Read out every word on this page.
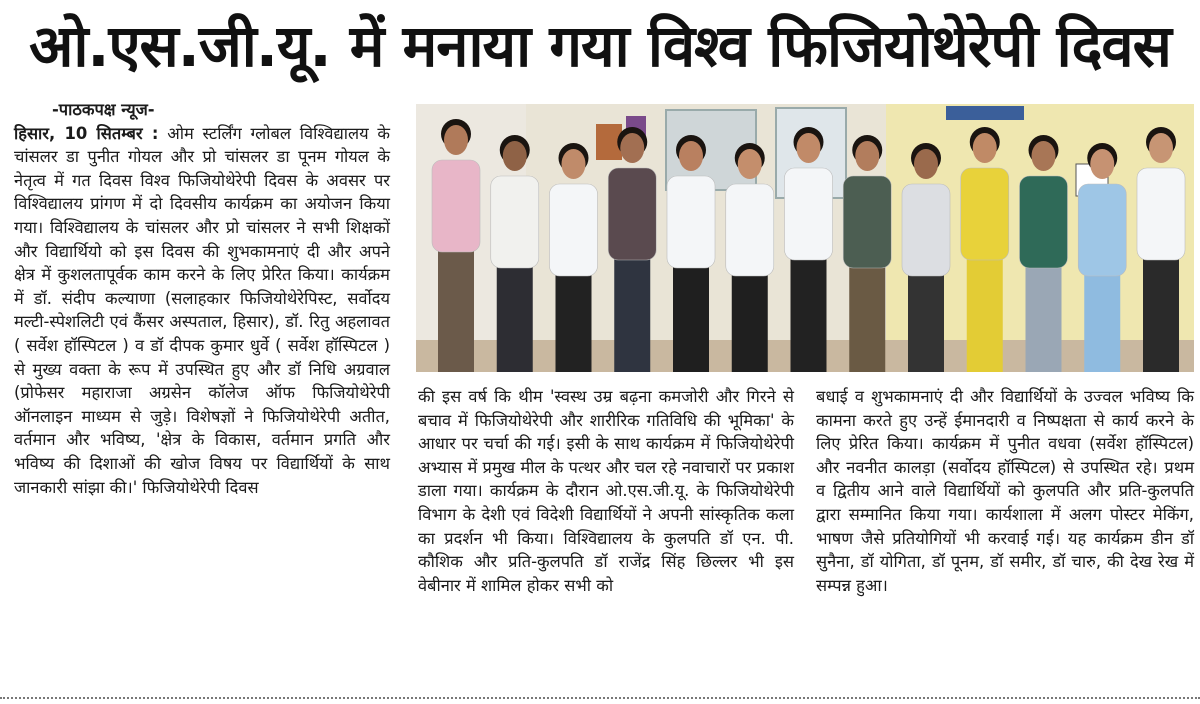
ओ.एस.जी.यू. में मनाया गया विश्व फिजियोथेरेपी दिवस
-पाठकपक्ष न्यूज-
हिसार, 10 सितम्बर : ओम स्टर्लिंग ग्लोबल विश्विद्यालय के चांसलर डा पुनीत गोयल और प्रो चांसलर डा पूनम गोयल के नेतृत्व में गत दिवस विश्व फिजियोथेरेपी दिवस के अवसर पर विश्विद्यालय प्रांगण में दो दिवसीय कार्यक्रम का अयोजन किया गया। विश्विद्यालय के चांसलर और प्रो चांसलर ने सभी शिक्षकों और विद्यार्थियो को इस दिवस की शुभकामनाएं दी और अपने क्षेत्र में कुशलतापूर्वक काम करने के लिए प्रेरित किया। कार्यक्रम में डॉ. संदीप कल्याणा (सलाहकार फिजियोथेरेपिस्ट, सर्वोदय मल्टी-स्पेशलिटी एवं कैंसर अस्पताल, हिसार), डॉ. रितु अहलावत ( सर्वेश हॉस्पिटल ) व डॉ दीपक कुमार धुर्वे ( सर्वेश हॉस्पिटल ) से मुख्य वक्ता के रूप में उपस्थित हुए और डॉ निधि अग्रवाल (प्रोफेसर महाराजा अग्रसेन कॉलेज ऑफ फिजियोथेरेपी ऑनलाइन माध्यम से जुड़े। विशेषज्ञों ने फिजियोथेरेपी अतीत, वर्तमान और भविष्य, 'क्षेत्र के विकास, वर्तमान प्रगति और भविष्य की दिशाओं की खोज विषय पर विद्यार्थियों के साथ जानकारी सांझा की।' फिजियोथेरेपी दिवस
की इस वर्ष कि थीम 'स्वस्थ उम्र बढ़ना कमजोरी और गिरने से बचाव में फिजियोथेरेपी और शारीरिक गतिविधि की भूमिका' के आधार पर चर्चा की गई। इसी के साथ कार्यक्रम में फिजियोथेरेपी अभ्यास में प्रमुख मील के पत्थर और चल रहे नवाचारों पर प्रकाश डाला गया। कार्यक्रम के दौरान ओ.एस.जी.यू. के फिजियोथेरेपी विभाग के देशी एवं विदेशी विद्यार्थियों ने अपनी सांस्कृतिक कला का प्रदर्शन भी किया। विश्विद्यालय के कुलपति डॉ एन. पी. कौशिक और प्रति-कुलपति डॉ राजेंद्र सिंह छिल्लर भी इस वेबीनार में शामिल होकर सभी को
बधाई व शुभकामनाएं दी और विद्यार्थियों के उज्वल भविष्य कि कामना करते हुए उन्हें ईमानदारी व निष्पक्षता से कार्य करने के लिए प्रेरित किया। कार्यक्रम में पुनीत वधवा (सर्वेश हॉस्पिटल) और नवनीत कालड़ा (सर्वोदय हॉस्पिटल) से उपस्थित रहे। प्रथम व द्वितीय आने वाले विद्यार्थियों को कुलपति और प्रति-कुलपति द्वारा सम्मानित किया गया। कार्यशाला में अलग पोस्टर मेकिंग, भाषण जैसे प्रतियोगियों भी करवाई गई। यह कार्यक्रम डीन डॉ सुनैना, डॉ योगिता, डॉ पूनम, डॉ समीर, डॉ चारु, की देख रेख में सम्पन्न हुआ।
